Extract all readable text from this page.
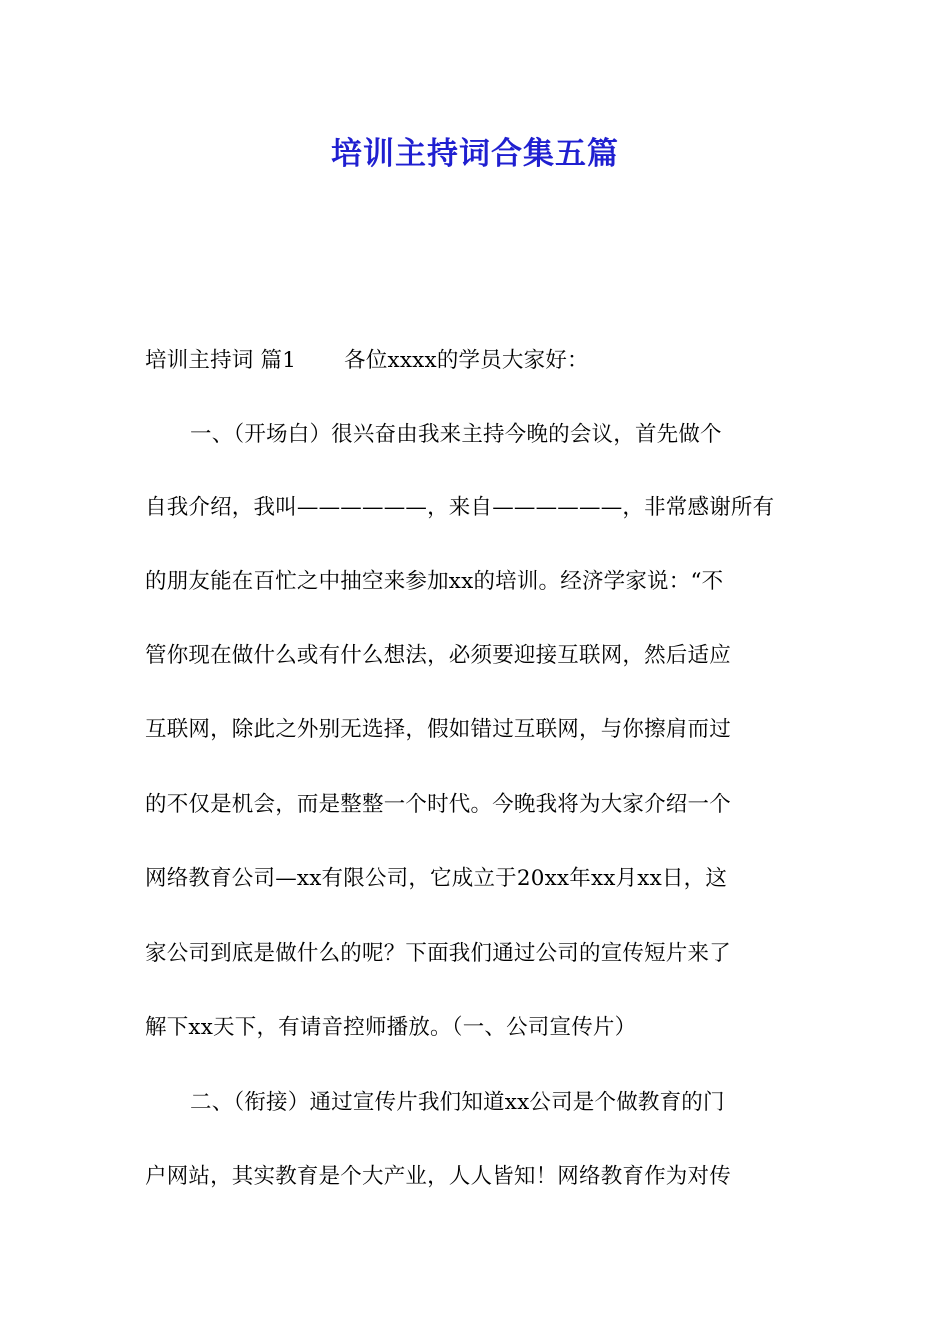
培训主持词合集五篇
培训主持词 篇1 各位xxxx的学员大家好：
一、（开场白）很兴奋由我来主持今晚的会议，首先做个
自我介绍，我叫——————，来自——————，非常感谢所有
的朋友能在百忙之中抽空来参加xx的培训。经济学家说：“不
管你现在做什么或有什么想法，必须要迎接互联网，然后适应
互联网，除此之外别无选择，假如错过互联网，与你擦肩而过
的不仅是机会，而是整整一个时代。今晚我将为大家介绍一个
网络教育公司—xx有限公司，它成立于20xx年xx月xx日，这
家公司到底是做什么的呢？下面我们通过公司的宣传短片来了
解下xx天下，有请音控师播放。（一、公司宣传片）
二、（衔接）通过宣传片我们知道xx公司是个做教育的门
户网站，其实教育是个大产业，人人皆知！网络教育作为对传
